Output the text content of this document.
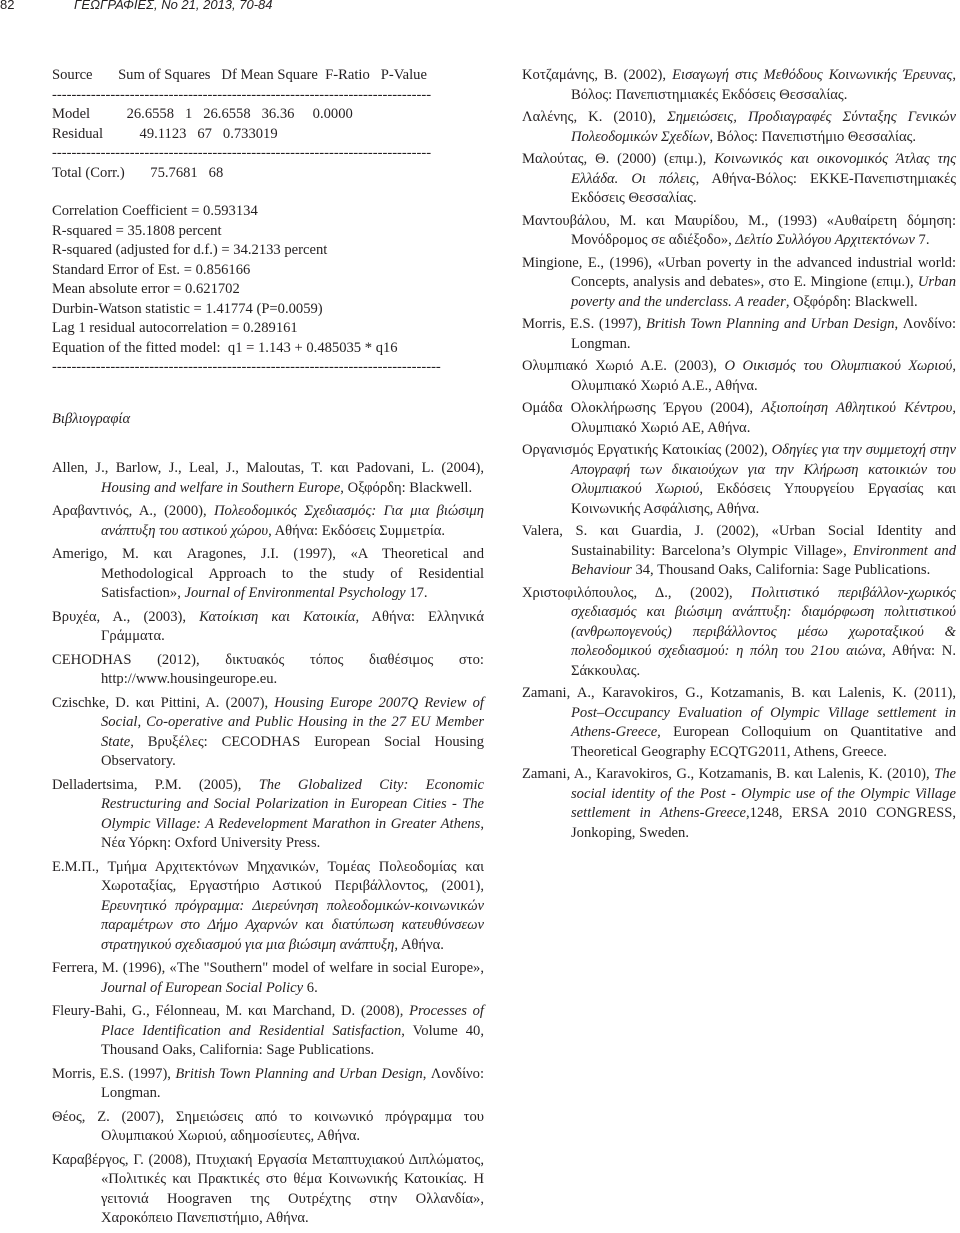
82	ΓΕΩΓΡΑΦΙΕΣ, Νο 21, 2013, 70-84
Source       Sum of Squares   Df Mean Square  F-Ratio   P-Value
------------------------------------------------------------------------------
Model          26.6558   1   26.6558   36.36     0.0000
Residual          49.1123   67   0.733019
------------------------------------------------------------------------------
Total (Corr.)       75.7681   68
Correlation Coefficient = 0.593134
R-squared = 35.1808 percent
R-squared (adjusted for d.f.) = 34.2133 percent
Standard Error of Est. = 0.856166
Mean absolute error = 0.621702
Durbin-Watson statistic = 1.41774 (P=0.0059)
Lag 1 residual autocorrelation = 0.289161
Equation of the fitted model:  q1 = 1.143 + 0.485035 * q16
--------------------------------------------------------------------------------
Βιβλιογραφία

Allen, J., Barlow, J., Leal, J., Maloutas, T. και Padovani, L. (2004), Housing and welfare in Southern Europe, Οξφόρδη: Blackwell.

Αραβαντινός, Α., (2000), Πολεοδομικός Σχεδιασμός: Για μια βιώσιμη ανάπτυξη του αστικού χώρου, Αθήνα: Εκδόσεις Συμμετρία.

Amerigo, M. και Aragones, J.I. (1997), «A Theoretical and Methodological Approach to the study of Residential Satisfaction», Journal of Environmental Psychology 17.

Βρυχέα, Α., (2003), Κατοίκιση και Κατοικία, Αθήνα: Ελληνικά Γράμματα.

CEHODHAS (2012), δικτυακός τόπος διαθέσιμος στο: http://www.housingeurope.eu.

Czischke, D. και Pittini, A. (2007), Housing Europe 2007Q Review of Social, Co-operative and Public Housing in the 27 EU Member State, Βρυξέλες: CECODHAS European Social Housing Observatory.

Delladertsima, P.M. (2005), The Globalized City: Economic Restructuring and Social Polarization in European Cities - The Olympic Village: A Redevelopment Marathon in Greater Athens, Νέα Υόρκη: Oxford University Press.

Ε.Μ.Π., Τμήμα Αρχιτεκτόνων Μηχανικών, Τομέας Πολεοδομίας και Χωροταξίας, Εργαστήριο Αστικού Περιβάλλοντος, (2001), Ερευνητικό πρόγραμμα: Διερεύνηση πολεοδομικών-κοινωνικών παραμέτρων στο Δήμο Αχαρνών και διατύπωση κατευθύνσεων στρατηγικού σχεδιασμού για μια βιώσιμη ανάπτυξη, Αθήνα.

Ferrera, M. (1996), «The "Southern" model of welfare in social Europe», Journal of European Social Policy 6.

Fleury-Bahi, G., Félonneau, M. και Marchand, D. (2008), Processes of Place Identification and Residential Satisfaction, Volume 40, Thousand Oaks, California: Sage Publications.

Morris, E.S. (1997), British Town Planning and Urban Design, Λονδίνο: Longman.

Θέος, Ζ. (2007), Σημειώσεις από το κοινωνικό πρόγραμμα του Ολυμπιακού Χωριού, αδημοσίευτες, Αθήνα.

Καραβέργος, Γ. (2008), Πτυχιακή Εργασία Μεταπτυχιακού Διπλώματος, «Πολιτικές και Πρακτικές στο θέμα Κοινωνικής Κατοικίας. Η γειτονιά Hoograven της Ουτρέχτης στην Ολλανδία», Χαροκόπειο Πανεπιστήμιο, Αθήνα.

Κοτζαμάνης, Β. (2002), Εισαγωγή στις Μεθόδους Κοινωνικής Έρευνας, Βόλος: Πανεπιστημιακές Εκδόσεις Θεσσαλίας.

Λαλένης, Κ. (2010), Σημειώσεις, Προδιαγραφές Σύνταξης Γενικών Πολεοδομικών Σχεδίων, Βόλος: Πανεπιστήμιο Θεσσαλίας.

Μαλούτας, Θ. (2000) (επιμ.), Κοινωνικός και οικονομικός Άτλας της Ελλάδα. Οι πόλεις, Αθήνα-Βόλος: ΕΚΚΕ-Πανεπιστημιακές Εκδόσεις Θεσσαλίας.

Μαντουβάλου, Μ. και Μαυρίδου, Μ., (1993) «Αυθαίρετη δόμηση: Μονόδρομος σε αδιέξοδο», Δελτίο Συλλόγου Αρχιτεκτόνων 7.

Mingione, E., (1996), «Urban poverty in the advanced industrial world: Concepts, analysis and debates», στο E. Mingione (επιμ.), Urban poverty and the underclass. A reader, Οξφόρδη: Blackwell.

Morris, E.S. (1997), British Town Planning and Urban Design, Λονδίνο: Longman.

Ολυμπιακό Χωριό Α.Ε. (2003), Ο Οικισμός του Ολυμπιακού Χωριού, Ολυμπιακό Χωριό Α.Ε., Αθήνα.

Ομάδα Ολοκλήρωσης Έργου (2004), Αξιοποίηση Αθλητικού Κέντρου, Ολυμπιακό Χωριό ΑΕ, Αθήνα.

Οργανισμός Εργατικής Κατοικίας (2002), Οδηγίες για την συμμετοχή στην Απογραφή των δικαιούχων για την Κλήρωση κατοικιών του Ολυμπιακού Χωριού, Εκδόσεις Υπουργείου Εργασίας και Κοινωνικής Ασφάλισης, Αθήνα.

Valera, S. και Guardia, J. (2002), «Urban Social Identity and Sustainability: Barcelona’s Olympic Village», Environment and Behaviour 34, Thousand Oaks, California: Sage Publications.

Χριστοφιλόπουλος, Δ., (2002), Πολιτιστικό περιβάλλον-χωρικός σχεδιασμός και βιώσιμη ανάπτυξη: διαμόρφωση πολιτιστικού (ανθρωπογενούς) περιβάλλοντος μέσω χωροταξικού & πολεοδομικού σχεδιασμού: η πόλη του 21ου αιώνα, Αθήνα: Ν. Σάκκουλας.

Zamani, A., Karavokiros, G., Kotzamanis, B. και Lalenis, K. (2011), Post–Occupancy Evaluation of Olympic Village settlement in Athens-Greece, European Colloquium on Quantitative and Theoretical Geography ECQTG2011, Athens, Greece.

Zamani, A., Karavokiros, G., Kotzamanis, B. και Lalenis, K. (2010), The social identity of the Post - Olympic use of the Olympic Village settlement in Athens-Greece,1248, ERSA 2010 CONGRESS, Jonkoping, Sweden.
